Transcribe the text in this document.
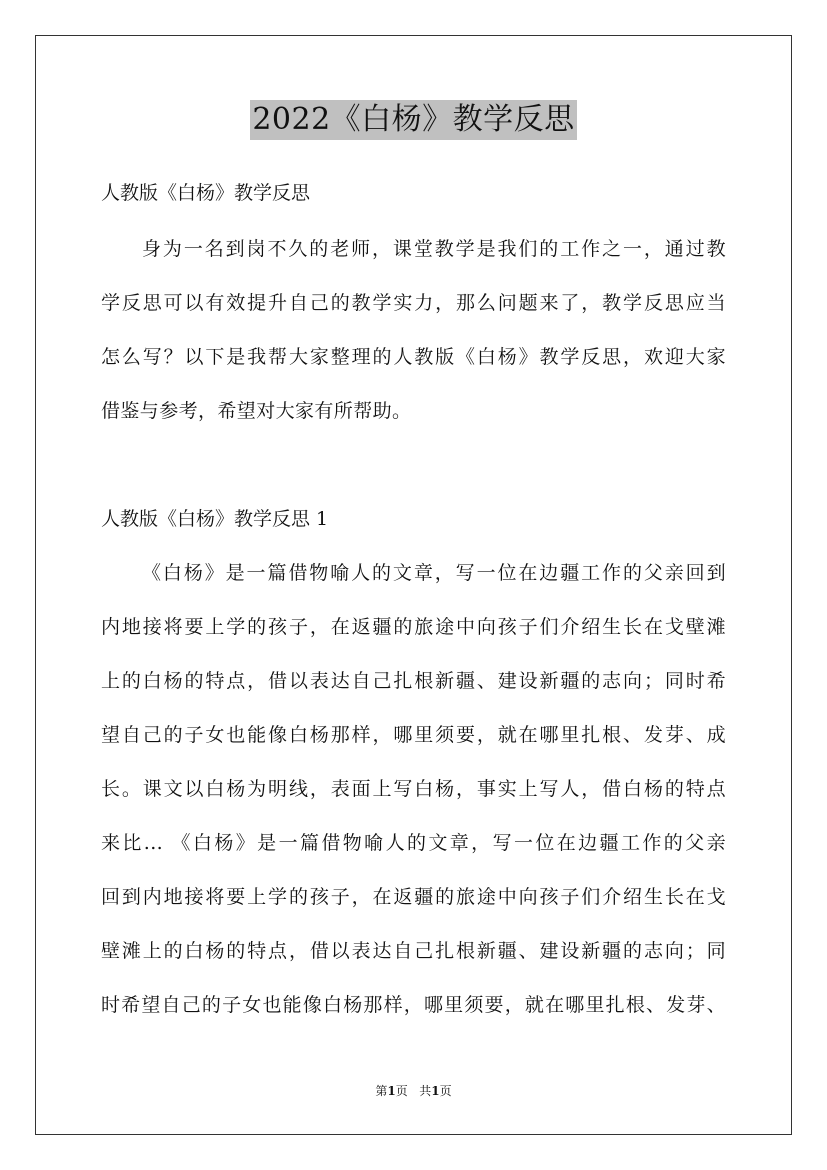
2022《白杨》教学反思
人教版《白杨》教学反思
身为一名到岗不久的老师，课堂教学是我们的工作之一，通过教
学反思可以有效提升自己的教学实力，那么问题来了，教学反思应当
怎么写？以下是我帮大家整理的人教版《白杨》教学反思，欢迎大家
借鉴与参考，希望对大家有所帮助。
人教版《白杨》教学反思 1
《白杨》是一篇借物喻人的文章，写一位在边疆工作的父亲回到
内地接将要上学的孩子，在返疆的旅途中向孩子们介绍生长在戈壁滩
上的白杨的特点，借以表达自己扎根新疆、建设新疆的志向；同时希
望自己的子女也能像白杨那样，哪里须要，就在哪里扎根、发芽、成
长。课文以白杨为明线，表面上写白杨，事实上写人，借白杨的特点
来比... 《白杨》是一篇借物喻人的文章，写一位在边疆工作的父亲
回到内地接将要上学的孩子，在返疆的旅途中向孩子们介绍生长在戈
壁滩上的白杨的特点，借以表达自己扎根新疆、建设新疆的志向；同
时希望自己的子女也能像白杨那样，哪里须要，就在哪里扎根、发芽、
第1页 共1页
